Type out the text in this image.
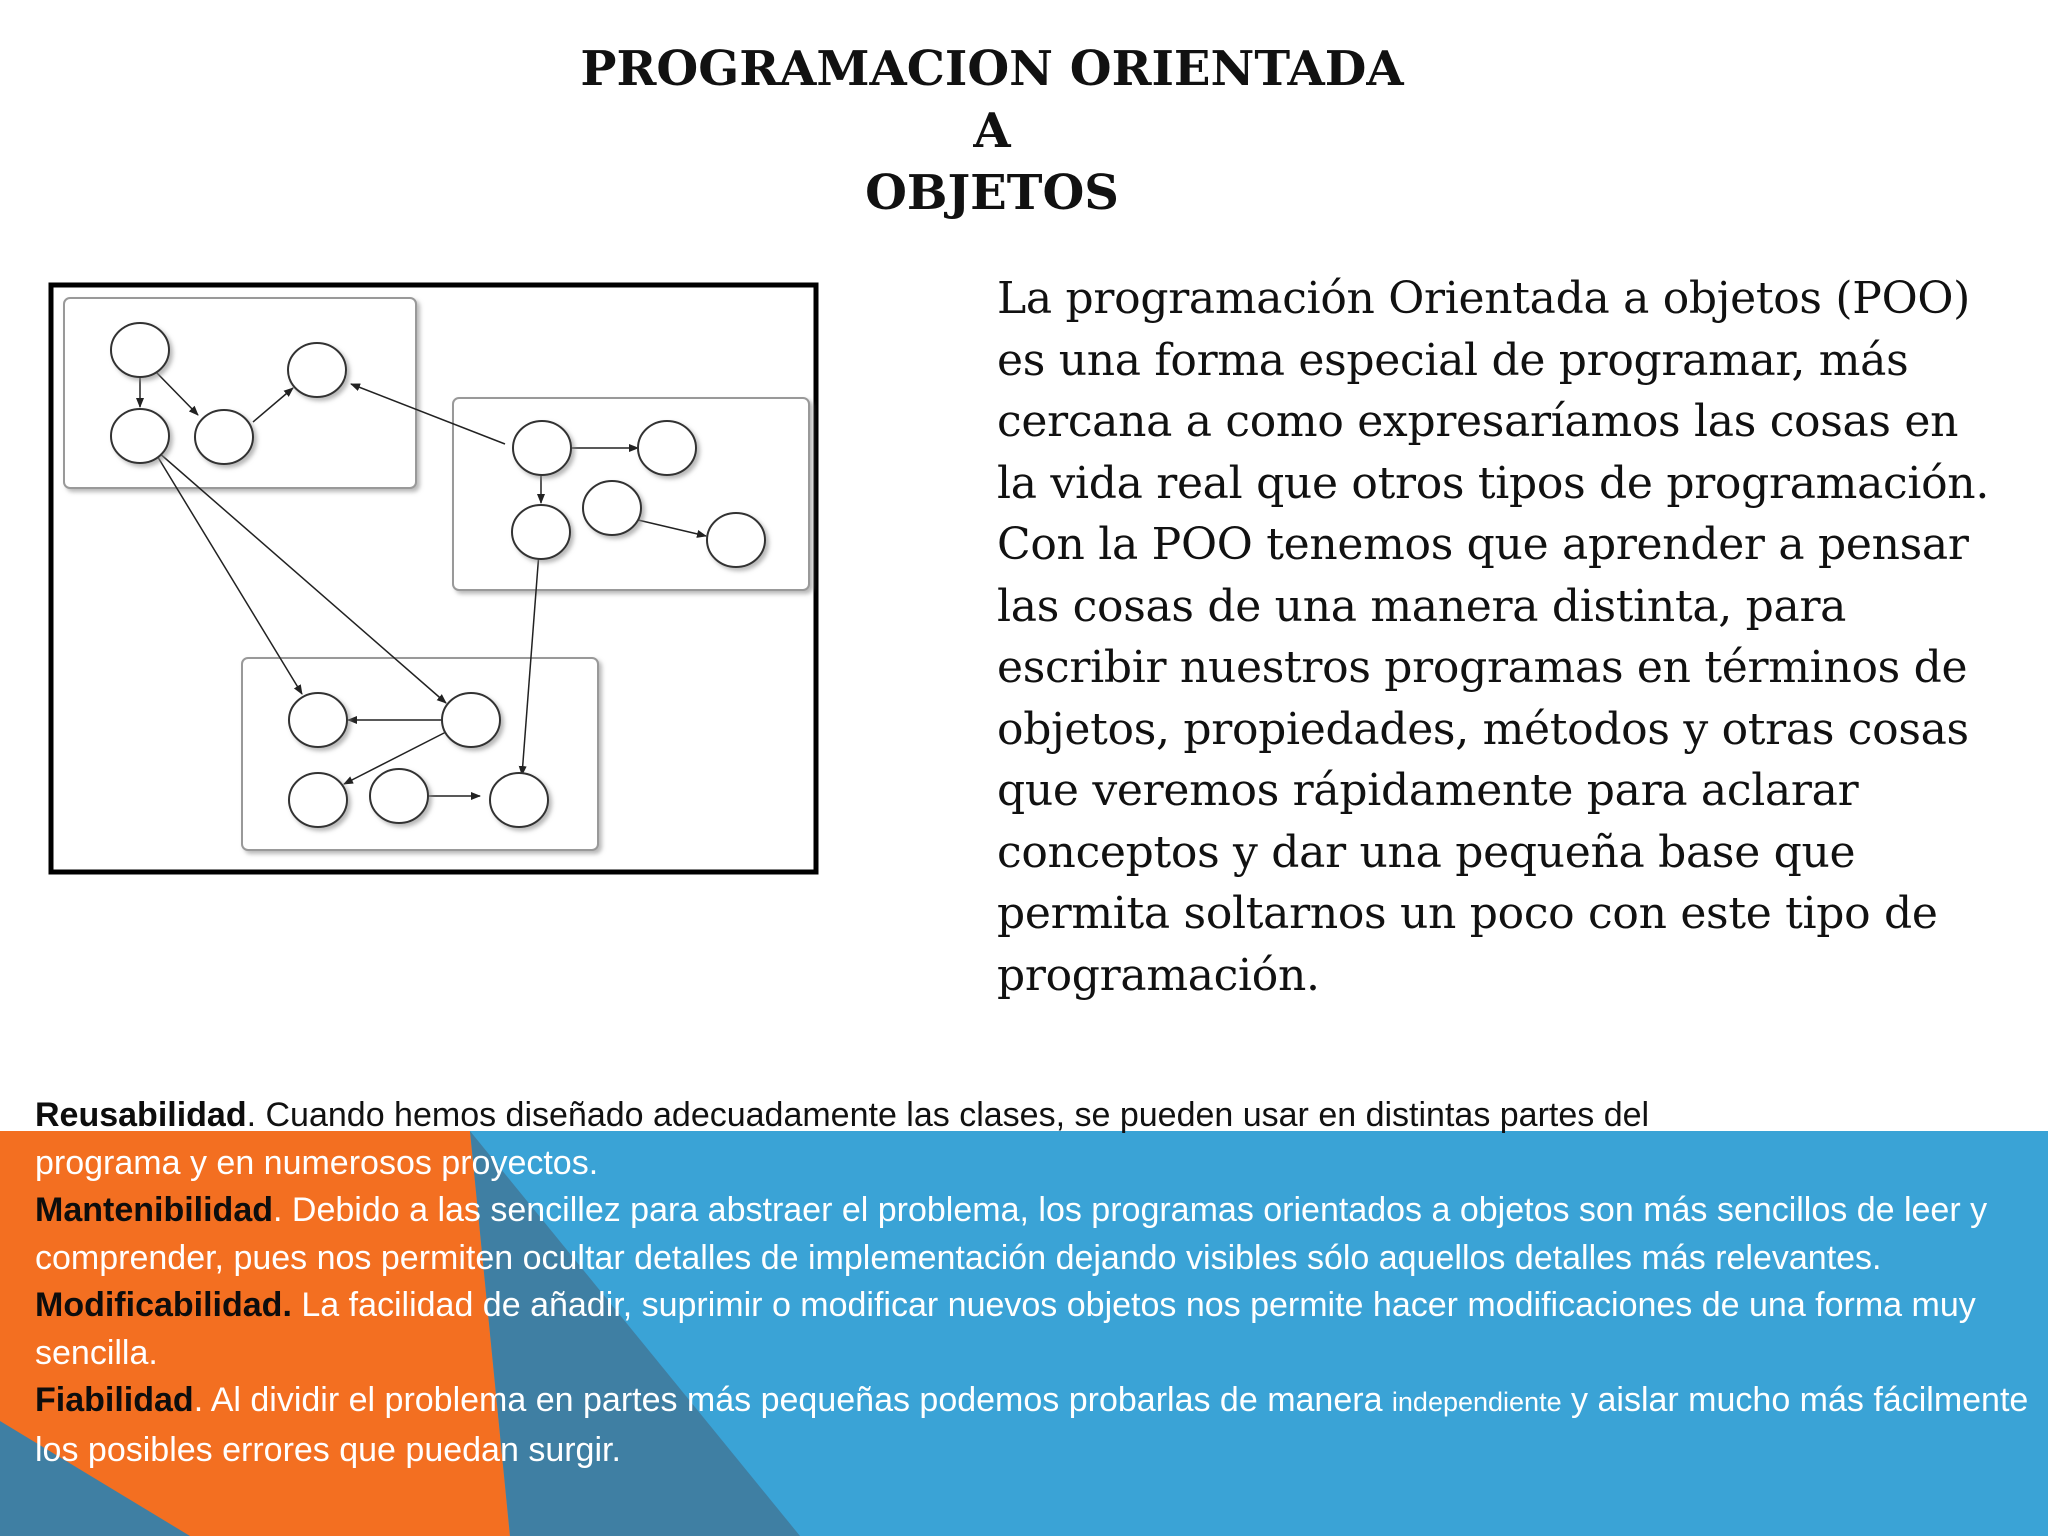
PROGRAMACION ORIENTADA
A
OBJETOS
La programación Orientada a objetos (POO) es una forma especial de programar, más cercana a como expresaríamos las cosas en la vida real que otros tipos de programación. Con la POO tenemos que aprender a pensar las cosas de una manera distinta, para escribir nuestros programas en términos de objetos, propiedades, métodos y otras cosas que veremos rápidamente para aclarar conceptos y dar una pequeña base que permita soltarnos un poco con este tipo de programación.

Reusabilidad. Cuando hemos diseñado adecuadamente las clases, se pueden usar en distintas partes del
programa y en numerosos proyectos.

Mantenibilidad. Debido a las sencillez para abstraer el problema, los programas orientados a objetos son más sencillos de leer y comprender, pues nos permiten ocultar detalles de implementación dejando visibles sólo aquellos detalles más relevantes.

Modificabilidad. La facilidad de añadir, suprimir o modificar nuevos objetos nos permite hacer modificaciones de una forma muy sencilla.

Fiabilidad. Al dividir el problema en partes más pequeñas podemos probarlas de manera independiente y aislar mucho más fácilmente los posibles errores que puedan surgir.
